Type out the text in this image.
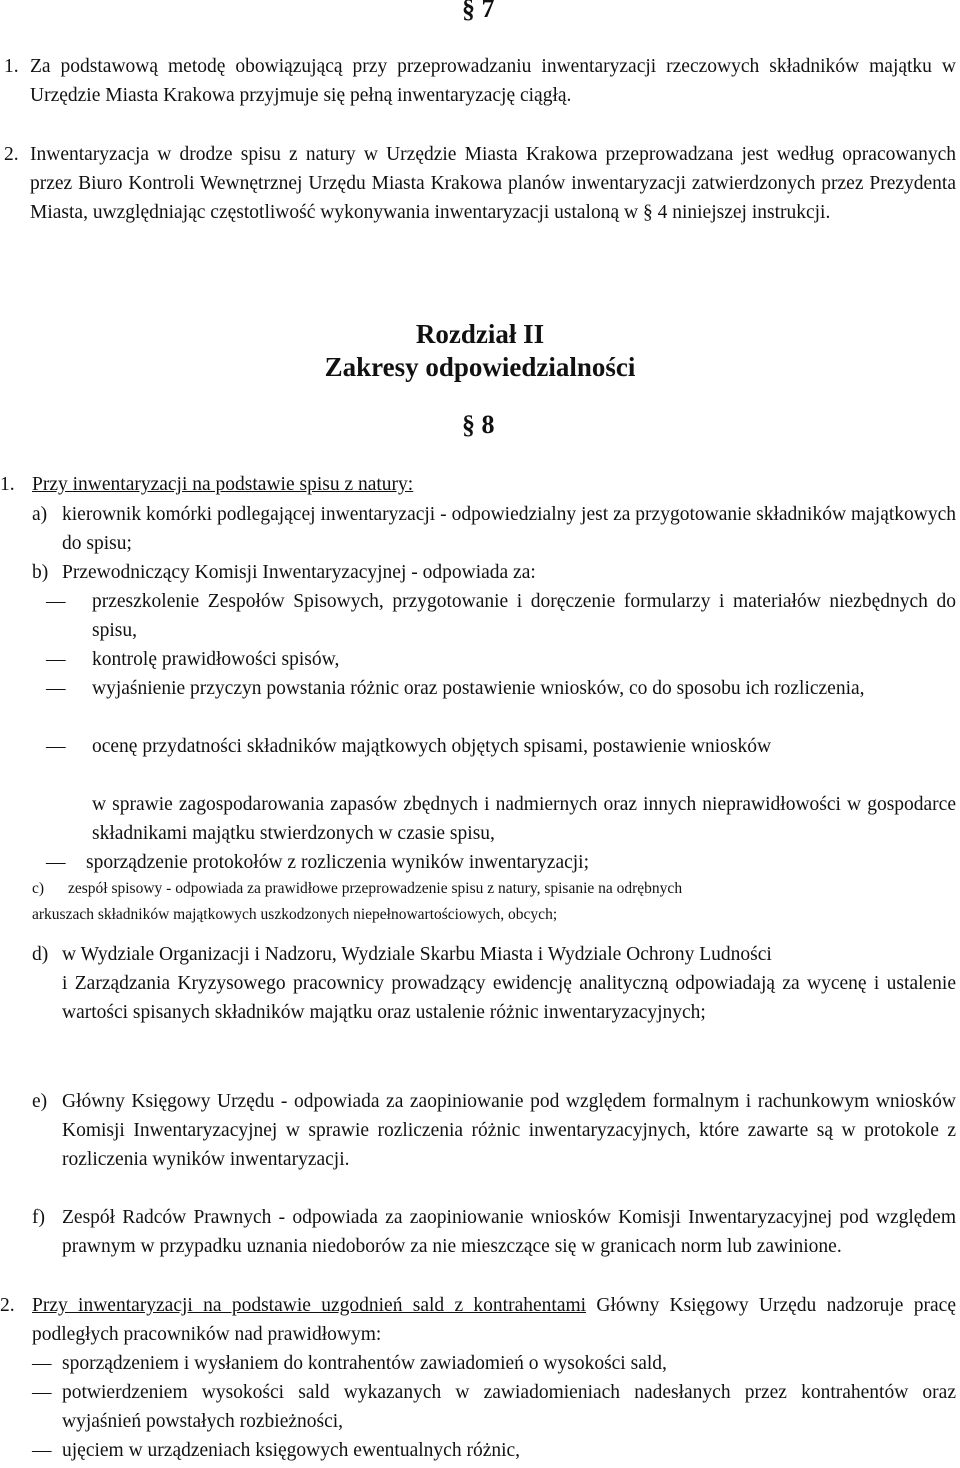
§ 7
1. Za podstawową metodę obowiązującą przy przeprowadzaniu inwentaryzacji rzeczowych składników majątku w Urzędzie Miasta Krakowa przyjmuje się pełną inwentaryzację ciągłą.
2. Inwentaryzacja w drodze spisu z natury w Urzędzie Miasta Krakowa przeprowadzana jest według opracowanych przez Biuro Kontroli Wewnętrznej Urzędu Miasta Krakowa planów inwentaryzacji zatwierdzonych przez Prezydenta Miasta, uwzględniając częstotliwość wykonywania inwentaryzacji ustaloną w § 4 niniejszej instrukcji.
Rozdział II
Zakresy odpowiedzialności
§ 8
1. Przy inwentaryzacji na podstawie spisu z natury:
a) kierownik komórki podlegającej inwentaryzacji - odpowiedzialny jest za przygotowanie składników majątkowych do spisu;
b) Przewodniczący Komisji Inwentaryzacyjnej - odpowiada za:
—	przeszkolenie Zespołów Spisowych, przygotowanie i doręczenie formularzy i materiałów niezbędnych do spisu,
—	kontrolę prawidłowości spisów,
—	wyjaśnienie przyczyn powstania różnic oraz postawienie wniosków, co do sposobu ich rozliczenia,
—	ocenę przydatności składników majątkowych objętych spisami, postawienie wniosków
w sprawie zagospodarowania zapasów zbędnych i nadmiernych oraz innych nieprawidłowości w gospodarce składnikami majątku stwierdzonych w czasie spisu,
—	sporządzenie protokołów z rozliczenia wyników inwentaryzacji;
c) zespół spisowy - odpowiada za prawidłowe przeprowadzenie spisu z natury, spisanie na odrębnych
arkuszach składników majątkowych uszkodzonych niepełnowartościowych, obcych;
d) w Wydziale Organizacji i Nadzoru, Wydziale Skarbu Miasta i Wydziale Ochrony Ludności
i Zarządzania Kryzysowego pracownicy prowadzący ewidencję analityczną odpowiadają za wycenę i ustalenie wartości spisanych składników majątku oraz ustalenie różnic inwentaryzacyjnych;
e) Główny Księgowy Urzędu - odpowiada za zaopiniowanie pod względem formalnym i rachunkowym wniosków Komisji Inwentaryzacyjnej w sprawie rozliczenia różnic inwentaryzacyjnych, które zawarte są w protokole z rozliczenia wyników inwentaryzacji.
f) Zespół Radców Prawnych - odpowiada za zaopiniowanie wniosków Komisji Inwentaryzacyjnej pod względem prawnym w przypadku uznania niedoborów za nie mieszczące się w granicach norm lub zawinione.
2. Przy inwentaryzacji na podstawie uzgodnień sald z kontrahentami Główny Księgowy Urzędu nadzoruje pracę podległych pracowników nad prawidłowym:
— sporządzeniem i wysłaniem do kontrahentów zawiadomień o wysokości sald,
— potwierdzeniem wysokości sald wykazanych w zawiadomieniach nadesłanych przez kontrahentów oraz wyjaśnień powstałych rozbieżności,
— ujęciem w urządzeniach księgowych ewentualnych różnic,
